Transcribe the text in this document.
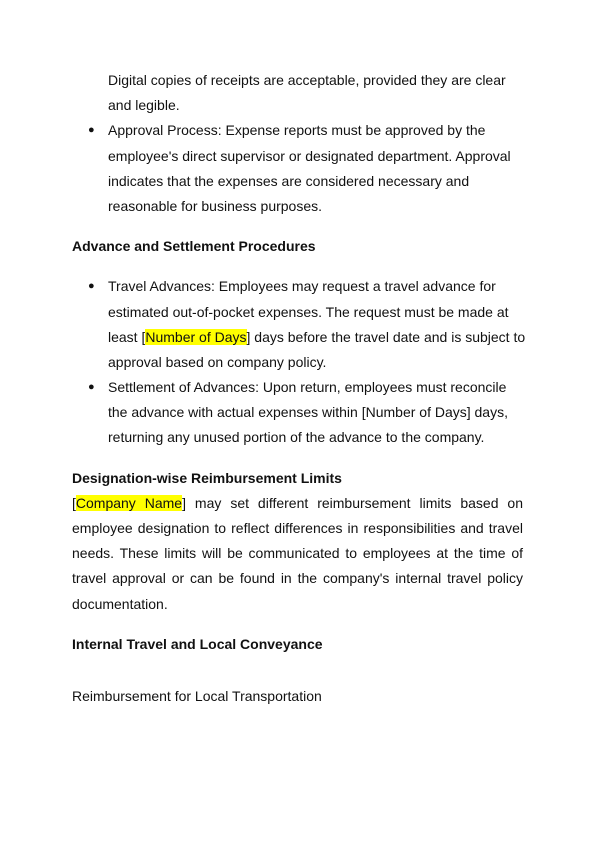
Digital copies of receipts are acceptable, provided they are clear
and legible.
● Approval Process: Expense reports must be approved by the
employee's direct supervisor or designated department. Approval
indicates that the expenses are considered necessary and
reasonable for business purposes.
Advance and Settlement Procedures
● Travel Advances: Employees may request a travel advance for
estimated out-of-pocket expenses. The request must be made at
least [Number of Days] days before the travel date and is subject to
approval based on company policy.
● Settlement of Advances: Upon return, employees must reconcile
the advance with actual expenses within [Number of Days] days,
returning any unused portion of the advance to the company.
Designation-wise Reimbursement Limits
[Company Name] may set different reimbursement limits based on
employee designation to reflect differences in responsibilities and travel
needs. These limits will be communicated to employees at the time of
travel approval or can be found in the company's internal travel policy
documentation.
Internal Travel and Local Conveyance
Reimbursement for Local Transportation
